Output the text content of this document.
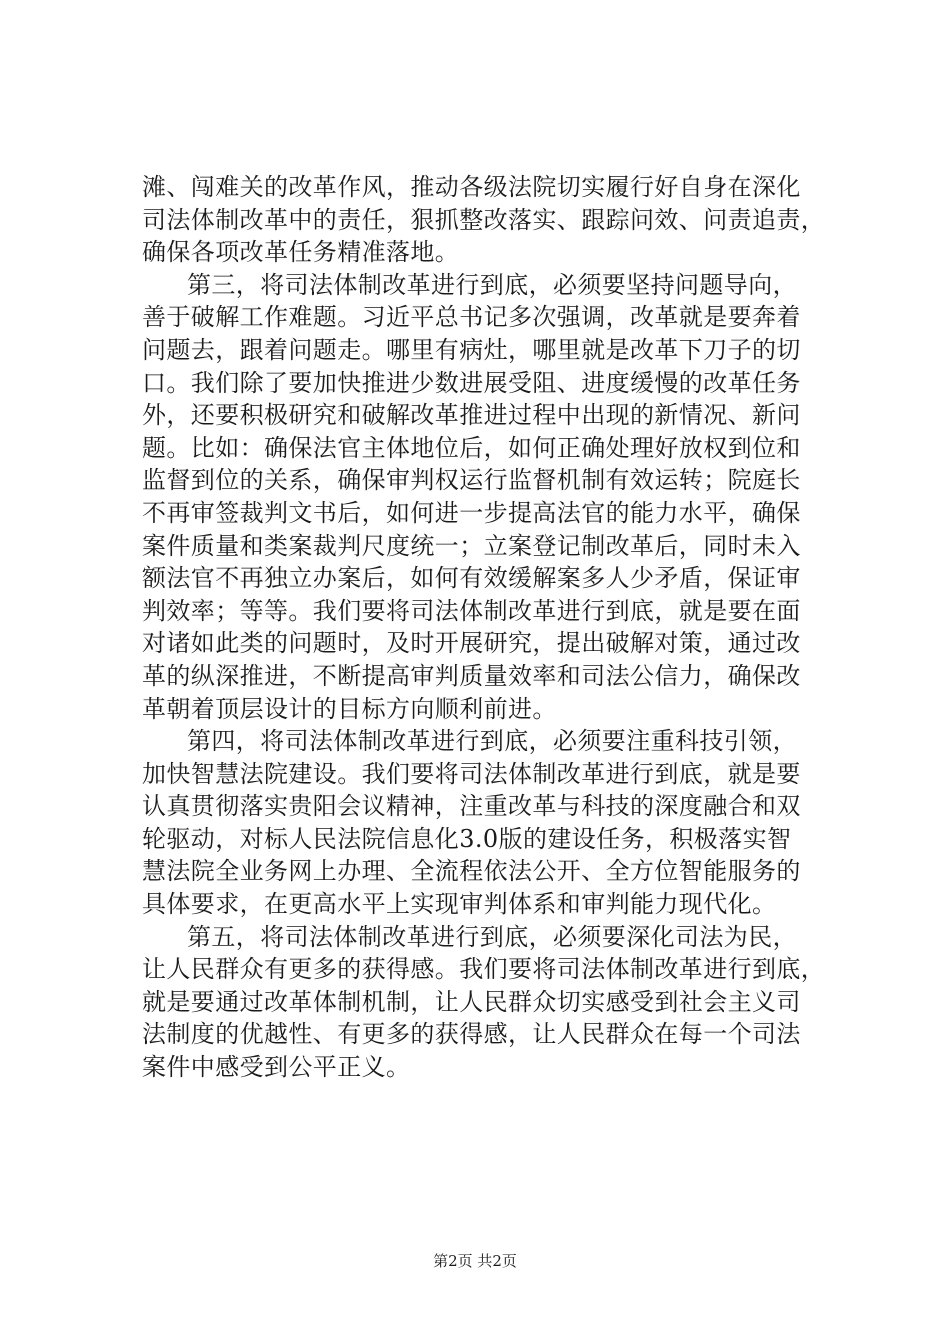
滩、闯难关的改革作风，推动各级法院切实履行好自身在深化
司法体制改革中的责任，狠抓整改落实、跟踪问效、问责追责，
确保各项改革任务精准落地。
第三，将司法体制改革进行到底，必须要坚持问题导向，
善于破解工作难题。习近平总书记多次强调，改革就是要奔着
问题去，跟着问题走。哪里有病灶，哪里就是改革下刀子的切
口。我们除了要加快推进少数进展受阻、进度缓慢的改革任务
外，还要积极研究和破解改革推进过程中出现的新情况、新问
题。比如：确保法官主体地位后，如何正确处理好放权到位和
监督到位的关系，确保审判权运行监督机制有效运转；院庭长
不再审签裁判文书后，如何进一步提高法官的能力水平，确保
案件质量和类案裁判尺度统一；立案登记制改革后，同时未入
额法官不再独立办案后，如何有效缓解案多人少矛盾，保证审
判效率；等等。我们要将司法体制改革进行到底，就是要在面
对诸如此类的问题时，及时开展研究，提出破解对策，通过改
革的纵深推进，不断提高审判质量效率和司法公信力，确保改
革朝着顶层设计的目标方向顺利前进。
第四，将司法体制改革进行到底，必须要注重科技引领，
加快智慧法院建设。我们要将司法体制改革进行到底，就是要
认真贯彻落实贵阳会议精神，注重改革与科技的深度融合和双
轮驱动，对标人民法院信息化3.0版的建设任务，积极落实智
慧法院全业务网上办理、全流程依法公开、全方位智能服务的
具体要求，在更高水平上实现审判体系和审判能力现代化。
第五，将司法体制改革进行到底，必须要深化司法为民，
让人民群众有更多的获得感。我们要将司法体制改革进行到底，
就是要通过改革体制机制，让人民群众切实感受到社会主义司
法制度的优越性、有更多的获得感，让人民群众在每一个司法
案件中感受到公平正义。
第2页 共2页
